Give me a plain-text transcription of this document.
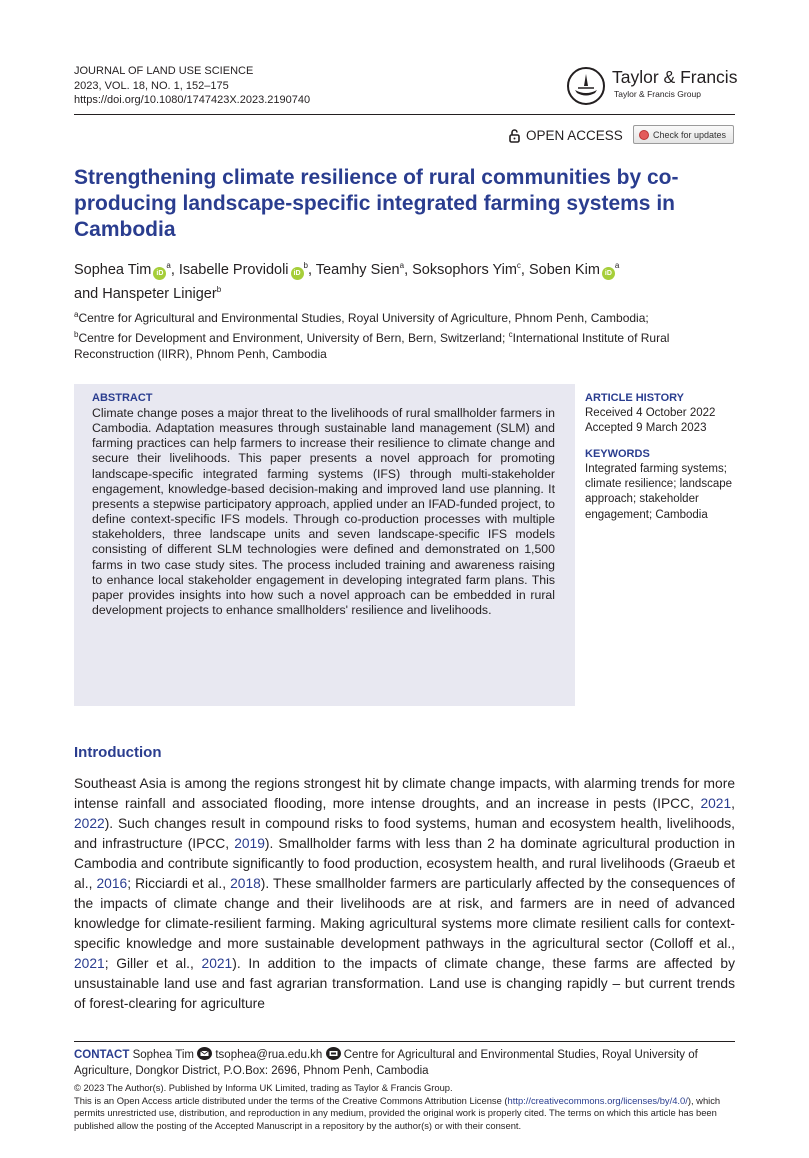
JOURNAL OF LAND USE SCIENCE
2023, VOL. 18, NO. 1, 152–175
https://doi.org/10.1080/1747423X.2023.2190740
Taylor & Francis
Taylor & Francis Group
OPEN ACCESS	Check for updates
Strengthening climate resilience of rural communities by co-producing landscape-specific integrated farming systems in Cambodia
Sophea Tim $iD^a$, Isabelle Providoli $iD^b$, Teamhy Sien$^a$, Soksophors Yim$^c$, Soben Kim $iD^a$
and Hanspeter Liniger$^b$
$^a$Centre for Agricultural and Environmental Studies, Royal University of Agriculture, Phnom Penh, Cambodia;
$^b$Centre for Development and Environment, University of Bern, Bern, Switzerland; $^c$International Institute of Rural Reconstruction (IIRR), Phnom Penh, Cambodia
ABSTRACT
Climate change poses a major threat to the livelihoods of rural smallholder farmers in Cambodia. Adaptation measures through sustainable land management (SLM) and farming practices can help farmers to increase their resilience to climate change and secure their livelihoods. This paper presents a novel approach for promoting landscape-specific integrated farming systems (IFS) through multi-stakeholder engagement, knowledge-based decision-making and improved land use planning. It presents a stepwise participatory approach, applied under an IFAD-funded project, to define context-specific IFS models. Through co-production processes with multiple stakeholders, three landscape units and seven landscape-specific IFS models consisting of different SLM technologies were defined and demonstrated on 1,500 farms in two case study sites. The process included training and awareness raising to enhance local stakeholder engagement in developing integrated farm plans. This paper provides insights into how such a novel approach can be embedded in rural development projects to enhance smallholders' resilience and livelihoods.
ARTICLE HISTORY
Received 4 October 2022
Accepted 9 March 2023
KEYWORDS
Integrated farming systems; climate resilience; landscape approach; stakeholder engagement; Cambodia
Introduction
Southeast Asia is among the regions strongest hit by climate change impacts, with alarming trends for more intense rainfall and associated flooding, more intense droughts, and an increase in pests (IPCC, 2021, 2022). Such changes result in compound risks to food systems, human and ecosystem health, livelihoods, and infrastructure (IPCC, 2019). Smallholder farms with less than 2 ha dominate agricultural production in Cambodia and contribute significantly to food production, ecosystem health, and rural livelihoods (Graeub et al., 2016; Ricciardi et al., 2018). These smallholder farmers are particularly affected by the consequences of the impacts of climate change and their livelihoods are at risk, and farmers are in need of advanced knowledge for climate-resilient farming. Making agricultural systems more climate resilient calls for context-specific knowledge and more sustainable development pathways in the agricultural sector (Colloff et al., 2021; Giller et al., 2021). In addition to the impacts of climate change, these farms are affected by unsustainable land use and fast agrarian transformation. Land use is changing rapidly – but current trends of forest-clearing for agriculture
CONTACT Sophea Tim tsophea@rua.edu.kh Centre for Agricultural and Environmental Studies, Royal University of Agriculture, Dongkor District, P.O.Box: 2696, Phnom Penh, Cambodia
© 2023 The Author(s). Published by Informa UK Limited, trading as Taylor & Francis Group.
This is an Open Access article distributed under the terms of the Creative Commons Attribution License (http://creativecommons.org/licenses/by/4.0/), which permits unrestricted use, distribution, and reproduction in any medium, provided the original work is properly cited. The terms on which this article has been published allow the posting of the Accepted Manuscript in a repository by the author(s) or with their consent.
